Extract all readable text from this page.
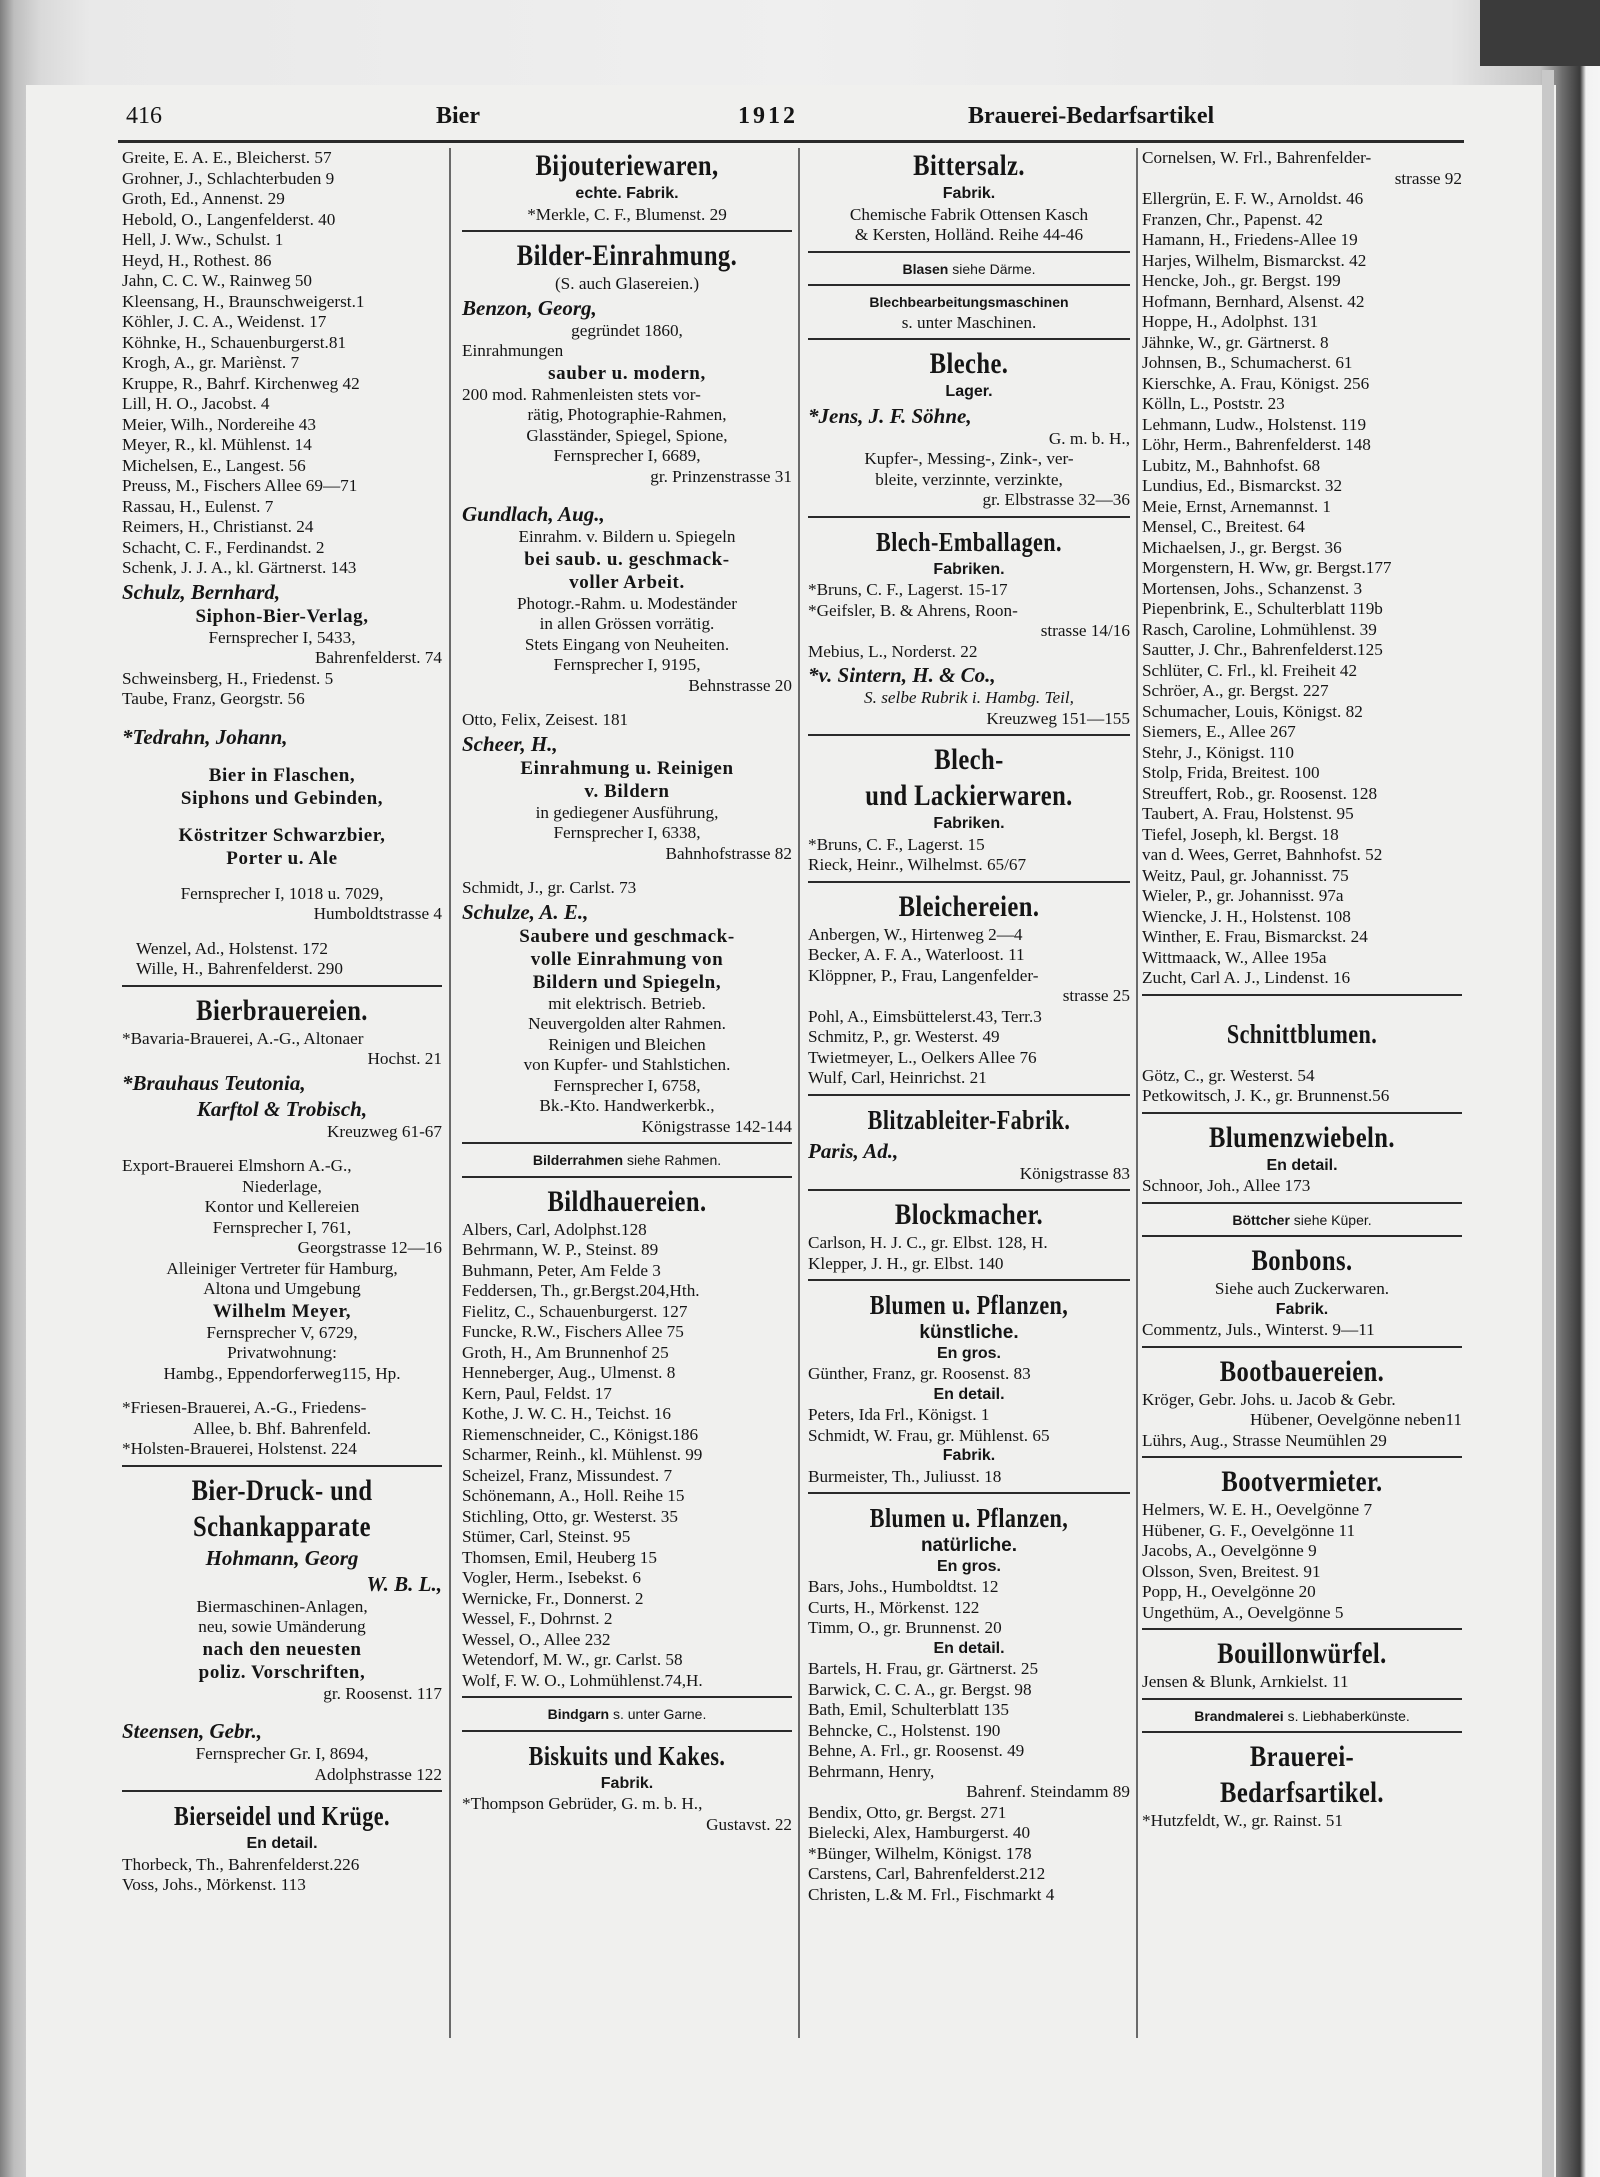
416	Bier	1912	Brauerei-Bedarfsartikel
Greite, E. A. E., Bleicherst. 57
Grohner, J., Schlachterbuden 9
Groth, Ed., Annenst. 29
Hebold, O., Langenfelderst. 40
Hell, J. Ww., Schulst. 1
Heyd, H., Rothest. 86
Jahn, C. C. W., Rainweg 50
Kleensang, H., Braunschweigerst.1
Köhler, J. C. A., Weidenst. 17
Köhnke, H., Schauenburgerst.81
Krogh, A., gr. Mariènst. 7
Kruppe, R., Bahrf. Kirchenweg 42
Lill, H. O., Jacobst. 4
Meier, Wilh., Nordereihe 43
Meyer, R., kl. Mühlenst. 14
Michelsen, E., Langest. 56
Preuss, M., Fischers Allee 69—71
Rassau, H., Eulenst. 7
Reimers, H., Christianst. 24
Schacht, C. F., Ferdinandst. 2
Schenk, J. J. A., kl. Gärtnerst. 143
Schulz, Bernhard,
Siphon-Bier-Verlag,
Fernsprecher I, 5433,
Bahrenfelderst. 74
Schweinsberg, H., Friedenst. 5
Taube, Franz, Georgstr. 56
*Tedrahn, Johann,
Bier in Flaschen,
Siphons und Gebinden,
Köstritzer Schwarzbier,
Porter u. Ale
Fernsprecher I, 1018 u. 7029,
Humboldtstrasse 4
Wenzel, Ad., Holstenst. 172
Wille, H., Bahrenfelderst. 290
Bierbrauereien.
*Bavaria-Brauerei, A.-G., Altonaer
Hochst. 21
*Brauhaus Teutonia,
Karftol & Trobisch,
Kreuzweg 61-67
Export-Brauerei Elmshorn A.-G.,
Niederlage,
Kontor und Kellereien
Fernsprecher I, 761,
Georgstrasse 12—16
Alleiniger Vertreter für Hamburg,
Altona und Umgebung
Wilhelm Meyer,
Fernsprecher V, 6729,
Privatwohnung:
Hambg., Eppendorferweg115, Hp.
*Friesen-Brauerei, A.-G., Friedens-
Allee, b. Bhf. Bahrenfeld.
*Holsten-Brauerei, Holstenst. 224
Bier-Druck- und
Schankapparate
Hohmann, Georg
W. B. L.,
Biermaschinen-Anlagen,
neu, sowie Umänderung
nach den neuesten
poliz. Vorschriften,
gr. Roosenst. 117
Steensen, Gebr.,
Fernsprecher Gr. I, 8694,
Adolphstrasse 122
Bierseidel und Krüge.
En detail.
Thorbeck, Th., Bahrenfelderst.226
Voss, Johs., Mörkenst. 113
Bijouteriewaren,
echte. Fabrik.
*Merkle, C. F., Blumenst. 29
Bilder-Einrahmung.
(S. auch Glasereien.)
Benzon, Georg,
gegründet 1860,
Einrahmungen
sauber u. modern,
200 mod. Rahmenleisten stets vor-
rätig, Photographie-Rahmen,
Glasständer, Spiegel, Spione,
Fernsprecher I, 6689,
gr. Prinzenstrasse 31
Gundlach, Aug.,
Einrahm. v. Bildern u. Spiegeln
bei saub. u. geschmack-
voller Arbeit.
Photogr.-Rahm. u. Modeständer
in allen Grössen vorrätig.
Stets Eingang von Neuheiten.
Fernsprecher I, 9195,
Behnstrasse 20
Otto, Felix, Zeisest. 181
Scheer, H.,
Einrahmung u. Reinigen
v. Bildern
in gediegener Ausführung,
Fernsprecher I, 6338,
Bahnhofstrasse 82
Schmidt, J., gr. Carlst. 73
Schulze, A. E.,
Saubere und geschmack-
volle Einrahmung von
Bildern und Spiegeln,
mit elektrisch. Betrieb.
Neuvergolden alter Rahmen.
Reinigen und Bleichen
von Kupfer- und Stahlstichen.
Fernsprecher I, 6758,
Bk.-Kto. Handwerkerbk.,
Königstrasse 142-144
Bilderrahmen siehe Rahmen.
Bildhauereien.
Albers, Carl, Adolphst.128
Behrmann, W. P., Steinst. 89
Buhmann, Peter, Am Felde 3
Feddersen, Th., gr.Bergst.204,Hth.
Fielitz, C., Schauenburgerst. 127
Funcke, R.W., Fischers Allee 75
Groth, H., Am Brunnenhof 25
Henneberger, Aug., Ulmenst. 8
Kern, Paul, Feldst. 17
Kothe, J. W. C. H., Teichst. 16
Riemenschneider, C., Königst.186
Scharmer, Reinh., kl. Mühlenst. 99
Scheizel, Franz, Missundest. 7
Schönemann, A., Holl. Reihe 15
Stichling, Otto, gr. Westerst. 35
Stümer, Carl, Steinst. 95
Thomsen, Emil, Heuberg 15
Vogler, Herm., Isebekst. 6
Wernicke, Fr., Donnerst. 2
Wessel, F., Dohrnst. 2
Wessel, O., Allee 232
Wetendorf, M. W., gr. Carlst. 58
Wolf, F. W. O., Lohmühlenst.74,H.
Bindgarn s. unter Garne.
Biskuits und Kakes.
Fabrik.
*Thompson Gebrüder, G. m. b. H.,
Gustavst. 22
Bittersalz.
Fabrik.
Chemische Fabrik Ottensen Kasch
& Kersten, Holländ. Reihe 44-46
Blasen siehe Därme.
Blechbearbeitungsmaschinen
s. unter Maschinen.
Bleche.
Lager.
*Jens, J. F. Söhne,
G. m. b. H.,
Kupfer-, Messing-, Zink-, ver-
bleite, verzinnte, verzinkte,
gr. Elbstrasse 32—36
Blech-Emballagen.
Fabriken.
*Bruns, C. F., Lagerst. 15-17
*Geifsler, B. & Ahrens, Roon-
strasse 14/16
Mebius, L., Norderst. 22
*v. Sintern, H. & Co.,
S. selbe Rubrik i. Hambg. Teil,
Kreuzweg 151—155
Blech-
und Lackierwaren.
Fabriken.
*Bruns, C. F., Lagerst. 15
Rieck, Heinr., Wilhelmst. 65/67
Bleichereien.
Anbergen, W., Hirtenweg 2—4
Becker, A. F. A., Waterloost. 11
Klöppner, P., Frau, Langenfelder-
strasse 25
Pohl, A., Eimsbüttelerst.43, Terr.3
Schmitz, P., gr. Westerst. 49
Twietmeyer, L., Oelkers Allee 76
Wulf, Carl, Heinrichst. 21
Blitzableiter-Fabrik.
Paris, Ad.,
Königstrasse 83
Blockmacher.
Carlson, H. J. C., gr. Elbst. 128, H.
Klepper, J. H., gr. Elbst. 140
Blumen u. Pflanzen,
künstliche.
En gros.
Günther, Franz, gr. Roosenst. 83
En detail.
Peters, Ida Frl., Königst. 1
Schmidt, W. Frau, gr. Mühlenst. 65
Fabrik.
Burmeister, Th., Juliusst. 18
Blumen u. Pflanzen,
natürliche.
En gros.
Bars, Johs., Humboldtst. 12
Curts, H., Mörkenst. 122
Timm, O., gr. Brunnenst. 20
En detail.
Bartels, H. Frau, gr. Gärtnerst. 25
Barwick, C. C. A., gr. Bergst. 98
Bath, Emil, Schulterblatt 135
Behncke, C., Holstenst. 190
Behne, A. Frl., gr. Roosenst. 49
Behrmann, Henry,
Bahrenf. Steindamm 89
Bendix, Otto, gr. Bergst. 271
Bielecki, Alex, Hamburgerst. 40
*Bünger, Wilhelm, Königst. 178
Carstens, Carl, Bahrenfelderst.212
Christen, L.& M. Frl., Fischmarkt 4
Cornelsen, W. Frl., Bahrenfelder-
strasse 92
Ellergrün, E. F. W., Arnoldst. 46
Franzen, Chr., Papenst. 42
Hamann, H., Friedens-Allee 19
Harjes, Wilhelm, Bismarckst. 42
Hencke, Joh., gr. Bergst. 199
Hofmann, Bernhard, Alsenst. 42
Hoppe, H., Adolphst. 131
Jähnke, W., gr. Gärtnerst. 8
Johnsen, B., Schumacherst. 61
Kierschke, A. Frau, Königst. 256
Kölln, L., Poststr. 23
Lehmann, Ludw., Holstenst. 119
Löhr, Herm., Bahrenfelderst. 148
Lubitz, M., Bahnhofst. 68
Lundius, Ed., Bismarckst. 32
Meie, Ernst, Arnemannst. 1
Mensel, C., Breitest. 64
Michaelsen, J., gr. Bergst. 36
Morgenstern, H. Ww, gr. Bergst.177
Mortensen, Johs., Schanzenst. 3
Piepenbrink, E., Schulterblatt 119b
Rasch, Caroline, Lohmühlenst. 39
Sautter, J. Chr., Bahrenfelderst.125
Schlüter, C. Frl., kl. Freiheit 42
Schröer, A., gr. Bergst. 227
Schumacher, Louis, Königst. 82
Siemers, E., Allee 267
Stehr, J., Königst. 110
Stolp, Frida, Breitest. 100
Streuffert, Rob., gr. Roosenst. 128
Taubert, A. Frau, Holstenst. 95
Tiefel, Joseph, kl. Bergst. 18
van d. Wees, Gerret, Bahnhofst. 52
Weitz, Paul, gr. Johannisst. 75
Wieler, P., gr. Johannisst. 97a
Wiencke, J. H., Holstenst. 108
Winther, E. Frau, Bismarckst. 24
Wittmaack, W., Allee 195a
Zucht, Carl A. J., Lindenst. 16
Schnittblumen.
Götz, C., gr. Westerst. 54
Petkowitsch, J. K., gr. Brunnenst.56
Blumenzwiebeln.
En detail.
Schnoor, Joh., Allee 173
Böttcher siehe Küper.
Bonbons.
Siehe auch Zuckerwaren.
Fabrik.
Commentz, Juls., Winterst. 9—11
Bootbauereien.
Kröger, Gebr. Johs. u. Jacob & Gebr.
Hübener, Oevelgönne neben11
Lührs, Aug., Strasse Neumühlen 29
Bootvermieter.
Helmers, W. E. H., Oevelgönne 7
Hübener, G. F., Oevelgönne 11
Jacobs, A., Oevelgönne 9
Olsson, Sven, Breitest. 91
Popp, H., Oevelgönne 20
Ungethüm, A., Oevelgönne 5
Bouillonwürfel.
Jensen & Blunk, Arnkielst. 11
Brandmalerei s. Liebhaberkünste.
Brauerei-
Bedarfsartikel.
*Hutzfeldt, W., gr. Rainst. 51
